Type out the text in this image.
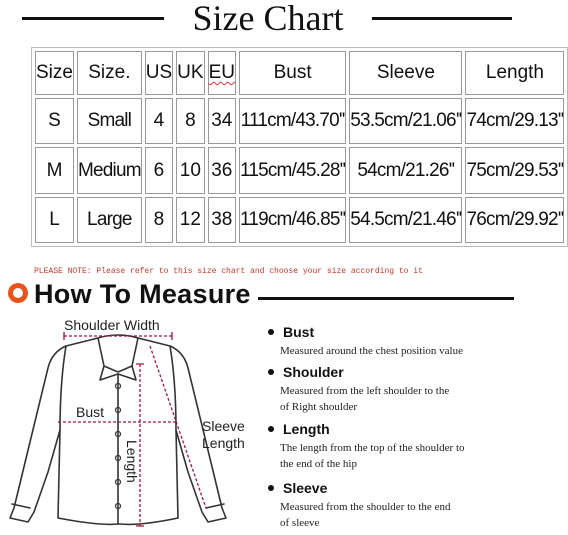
Size Chart
Size	Size.	US	UK	EU	Bust	Sleeve	Length
S	Small	4	8	34	111cm/43.70''	53.5cm/21.06''	74cm/29.13''
M	Medium	6	10	36	115cm/45.28''	54cm/21.26''	75cm/29.53''
L	Large	8	12	38	119cm/46.85''	54.5cm/21.46''	76cm/29.92''
PLEASE NOTE: Please refer to this size chart and choose your size according to it
How To Measure
Shoulder Width
Bust
Length
Sleeve
Length
Bust
Measured around the chest position value
Shoulder
Measured from the left shoulder to the
of Right shoulder
Length
The length from the top of the shoulder to
the end of the hip
Sleeve
Measured from the shoulder to the end
of sleeve
